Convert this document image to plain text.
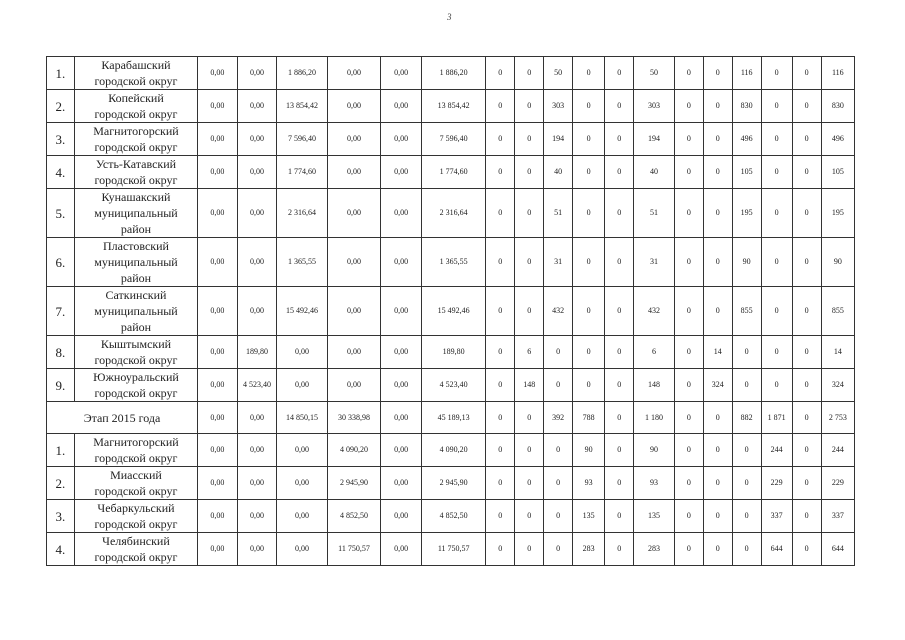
3
1.	Карабашский
городской округ	0,00	0,00	1 886,20	0,00	0,00	1 886,20	0	0	50	0	0	50	0	0	116	0	0	116
2.	Копейский
городской округ	0,00	0,00	13 854,42	0,00	0,00	13 854,42	0	0	303	0	0	303	0	0	830	0	0	830
3.	Магнитогорский
городской округ	0,00	0,00	7 596,40	0,00	0,00	7 596,40	0	0	194	0	0	194	0	0	496	0	0	496
4.	Усть-Катавский
городской округ	0,00	0,00	1 774,60	0,00	0,00	1 774,60	0	0	40	0	0	40	0	0	105	0	0	105
5.	Кунашакский
муниципальный
район	0,00	0,00	2 316,64	0,00	0,00	2 316,64	0	0	51	0	0	51	0	0	195	0	0	195
6.	Пластовский
муниципальный
район	0,00	0,00	1 365,55	0,00	0,00	1 365,55	0	0	31	0	0	31	0	0	90	0	0	90
7.	Саткинский
муниципальный
район	0,00	0,00	15 492,46	0,00	0,00	15 492,46	0	0	432	0	0	432	0	0	855	0	0	855
8.	Кыштымский
городской округ	0,00	189,80	0,00	0,00	0,00	189,80	0	6	0	0	0	6	0	14	0	0	0	14
9.	Южноуральский
городской округ	0,00	4 523,40	0,00	0,00	0,00	4 523,40	0	148	0	0	0	148	0	324	0	0	0	324
Этап 2015 года		0,00	0,00	14 850,15	30 338,98	0,00	45 189,13	0	0	392	788	0	1 180	0	0	882	1 871	0	2 753
1.	Магнитогорский
городской округ	0,00	0,00	0,00	4 090,20	0,00	4 090,20	0	0	0	90	0	90	0	0	0	244	0	244
2.	Миасский
городской округ	0,00	0,00	0,00	2 945,90	0,00	2 945,90	0	0	0	93	0	93	0	0	0	229	0	229
3.	Чебаркульский
городской округ	0,00	0,00	0,00	4 852,50	0,00	4 852,50	0	0	0	135	0	135	0	0	0	337	0	337
4.	Челябинский
городской округ	0,00	0,00	0,00	11 750,57	0,00	11 750,57	0	0	0	283	0	283	0	0	0	644	0	644
